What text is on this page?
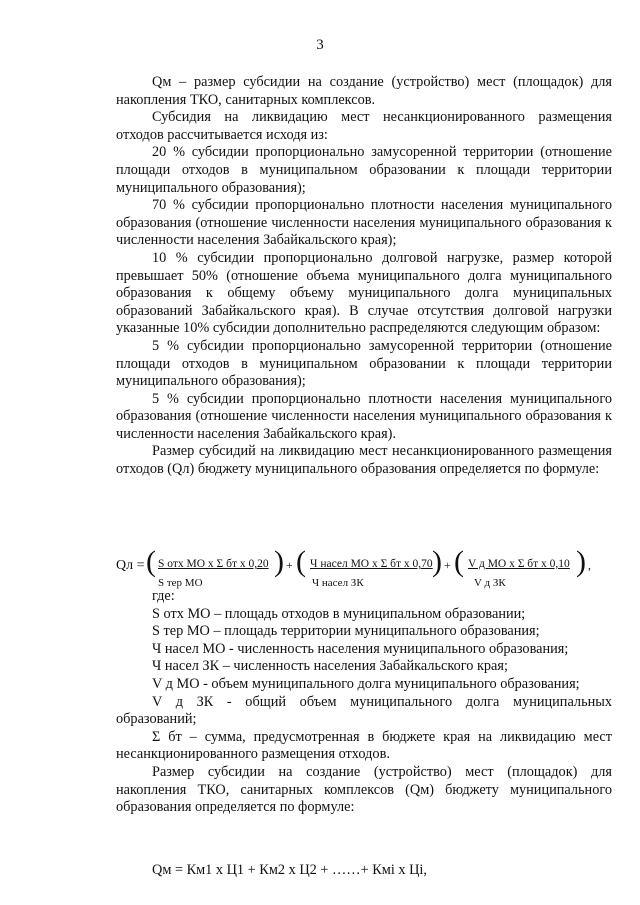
3

Qм – размер субсидии на создание (устройство) мест (площадок) для накопления ТКО, санитарных комплексов.

Субсидия на ликвидацию мест несанкционированного размещения отходов рассчитывается исходя из:

20 % субсидии пропорционально замусоренной территории (отношение площади отходов в муниципальном образовании к площади территории муниципального образования);

70 % субсидии пропорционально плотности населения муниципального образования (отношение численности населения муниципального образования к численности населения Забайкальского края);

10 % субсидии пропорционально долговой нагрузке, размер которой превышает 50% (отношение объема муниципального долга муниципального образования к общему объему муниципального долга муниципальных образований Забайкальского края). В случае отсутствия долговой нагрузки указанные 10% субсидии дополнительно распределяются следующим образом:

5 % субсидии пропорционально замусоренной территории (отношение площади отходов в муниципальном образовании к площади территории муниципального образования);

5 % субсидии пропорционально плотности населения муниципального образования (отношение численности населения муниципального образования к численности населения Забайкальского края).

Размер субсидий на ликвидацию мест несанкционированного размещения отходов (Qл) бюджету муниципального образования определяется по формуле:

Qл = ( S отх МО х Σ бт х 0,20
S тер МО
) + ( Ч насел МО х Σ бт х 0,70
Ч насел ЗК
) + ( V д МО х Σ бт х 0,10
V д ЗК
) ,

где:

S отх МО – площадь отходов в муниципальном образовании;

S тер МО – площадь территории муниципального образования;

Ч насел МО - численность населения муниципального образования;

Ч насел ЗК – численность населения Забайкальского края;

V д МО - объем муниципального долга муниципального образования;

V д ЗК - общий объем муниципального долга муниципальных образований;

Σ бт – сумма, предусмотренная в бюджете края на ликвидацию мест несанкционированного размещения отходов.

Размер субсидии на создание (устройство) мест (площадок) для накопления ТКО, санитарных комплексов (Qм) бюджету муниципального образования определяется по формуле:

Qм = Км1 х Ц1 + Км2 х Ц2 + ……+ Кмi х Цi,
